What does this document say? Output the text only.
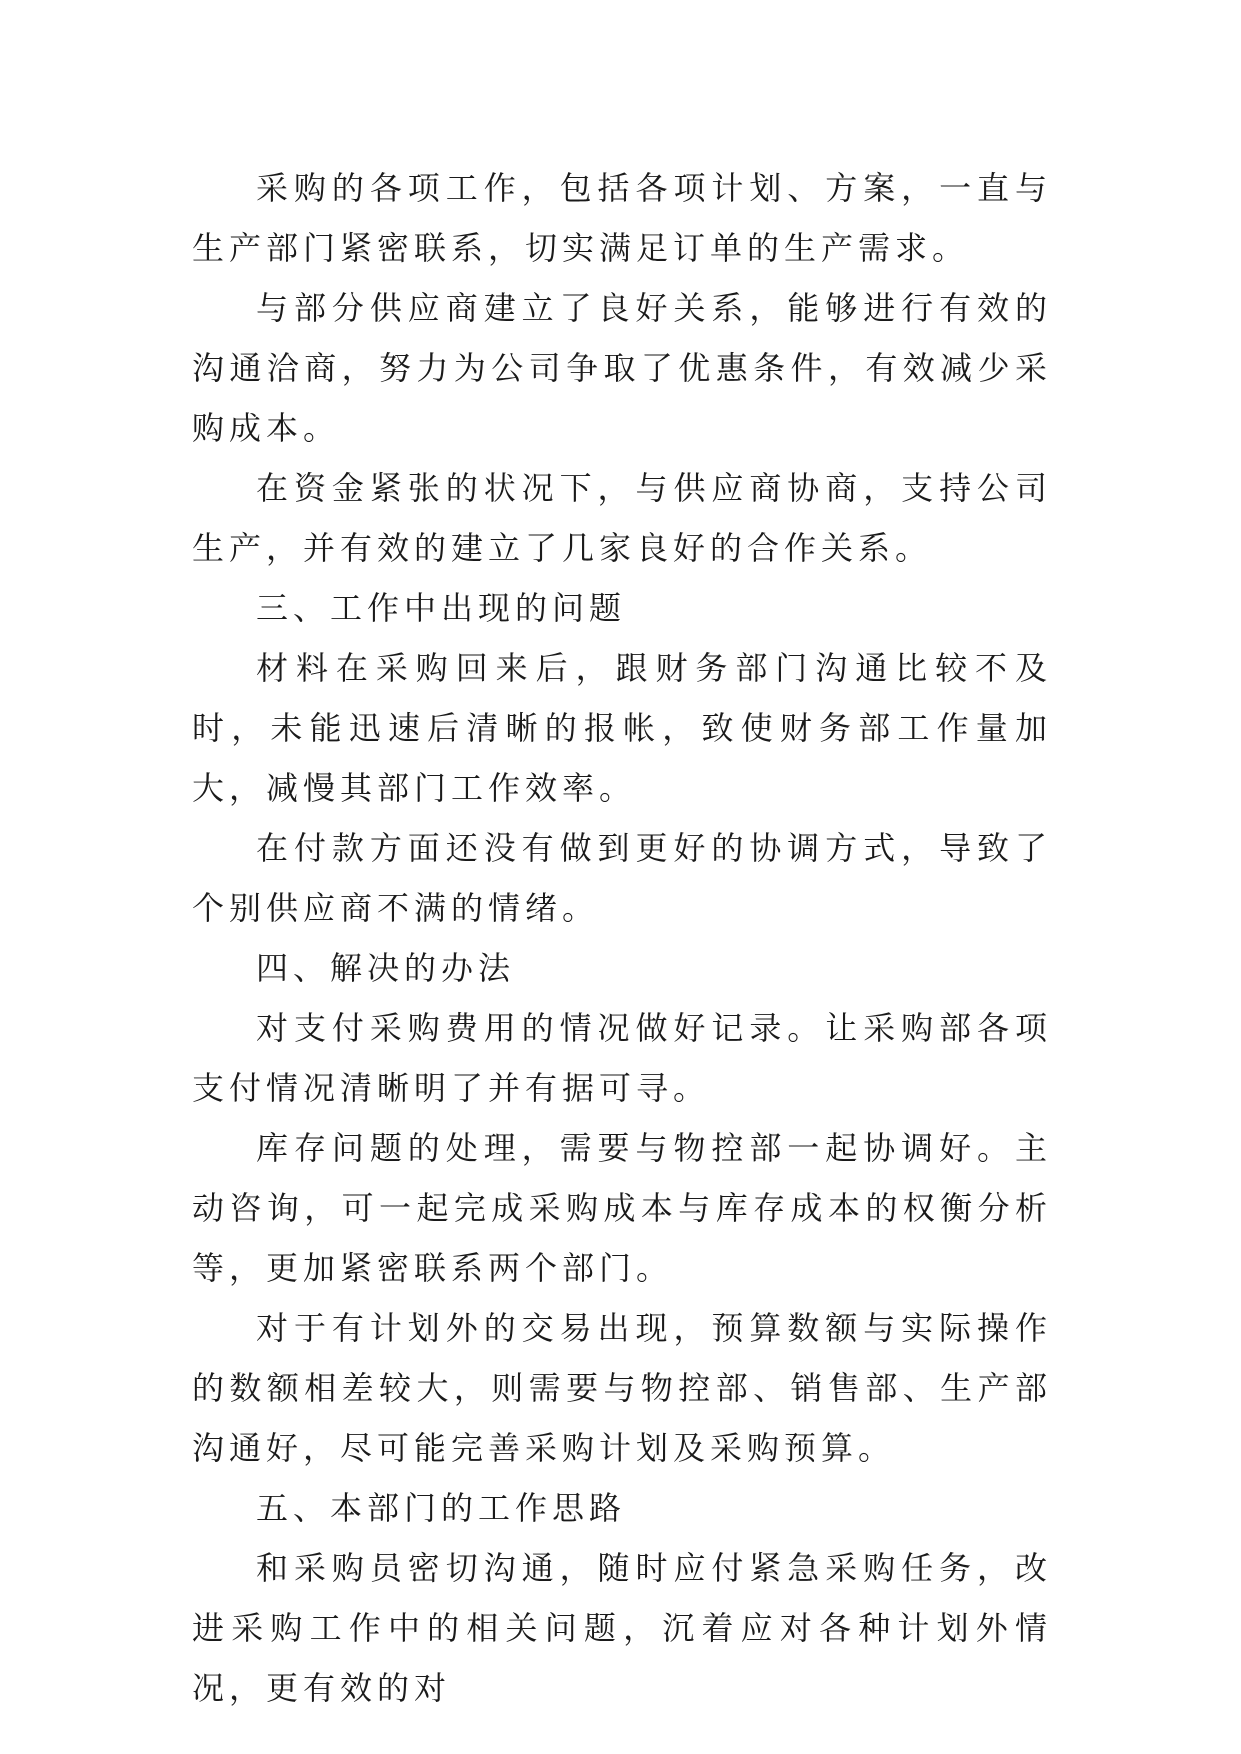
采购的各项工作，包括各项计划、方案，一直与生产部门紧密联系，切实满足订单的生产需求。

与部分供应商建立了良好关系，能够进行有效的沟通洽商，努力为公司争取了优惠条件，有效减少采购成本。

在资金紧张的状况下，与供应商协商，支持公司生产，并有效的建立了几家良好的合作关系。

三、工作中出现的问题

材料在采购回来后，跟财务部门沟通比较不及时，未能迅速后清晰的报帐，致使财务部工作量加大，减慢其部门工作效率。

在付款方面还没有做到更好的协调方式，导致了个别供应商不满的情绪。

四、解决的办法

对支付采购费用的情况做好记录。让采购部各项支付情况清晰明了并有据可寻。

库存问题的处理，需要与物控部一起协调好。主动咨询，可一起完成采购成本与库存成本的权衡分析等，更加紧密联系两个部门。

对于有计划外的交易出现，预算数额与实际操作的数额相差较大，则需要与物控部、销售部、生产部沟通好，尽可能完善采购计划及采购预算。

五、本部门的工作思路

和采购员密切沟通，随时应付紧急采购任务，改进采购工作中的相关问题，沉着应对各种计划外情况，更有效的对
